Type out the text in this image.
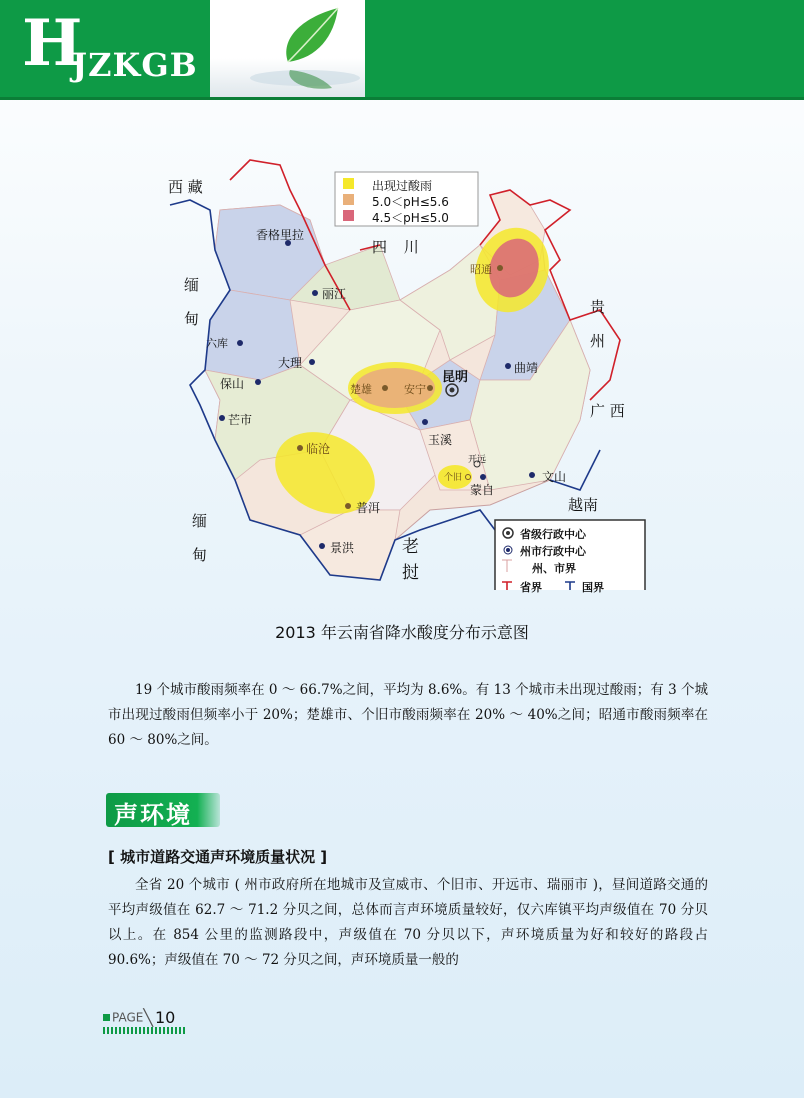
H
JZKGB
出现过酸雨
5.0＜pH≤5.6
4.5＜pH≤5.0
省级行政中心
州市行政中心
州、市界
省界	国界
西 藏
四 川
贵
州
广 西
越南
缅
甸
缅
甸	老
挝
香格里拉
丽江
六库
大理
保山
芒市
临沧
普洱
景洪
楚雄	安宁
昆明
曲靖
玉溪
开远
个旧
蒙自
文山
昭通
2013 年云南省降水酸度分布示意图

19 个城市酸雨频率在 0 ～ 66.7%之间，平均为 8.6%。有 13 个城市未出现过酸雨；有 3 个城市出现过酸雨但频率小于 20%；楚雄市、个旧市酸雨频率在 20% ～ 40%之间；昭通市酸雨频率在 60 ～ 80%之间。

声环境
[ 城市道路交通声环境质量状况 ]

全省 20 个城市 ( 州市政府所在地城市及宣威市、个旧市、开远市、瑞丽市 )，昼间道路交通的平均声级值在 62.7 ～ 71.2 分贝之间，总体而言声环境质量较好，仅六库镇平均声级值在 70 分贝以上。在 854 公里的监测路段中，声级值在 70 分贝以下，声环境质量为好和较好的路段占 90.6%；声级值在 70 ～ 72 分贝之间，声环境质量一般的

PAGE╲ 10
